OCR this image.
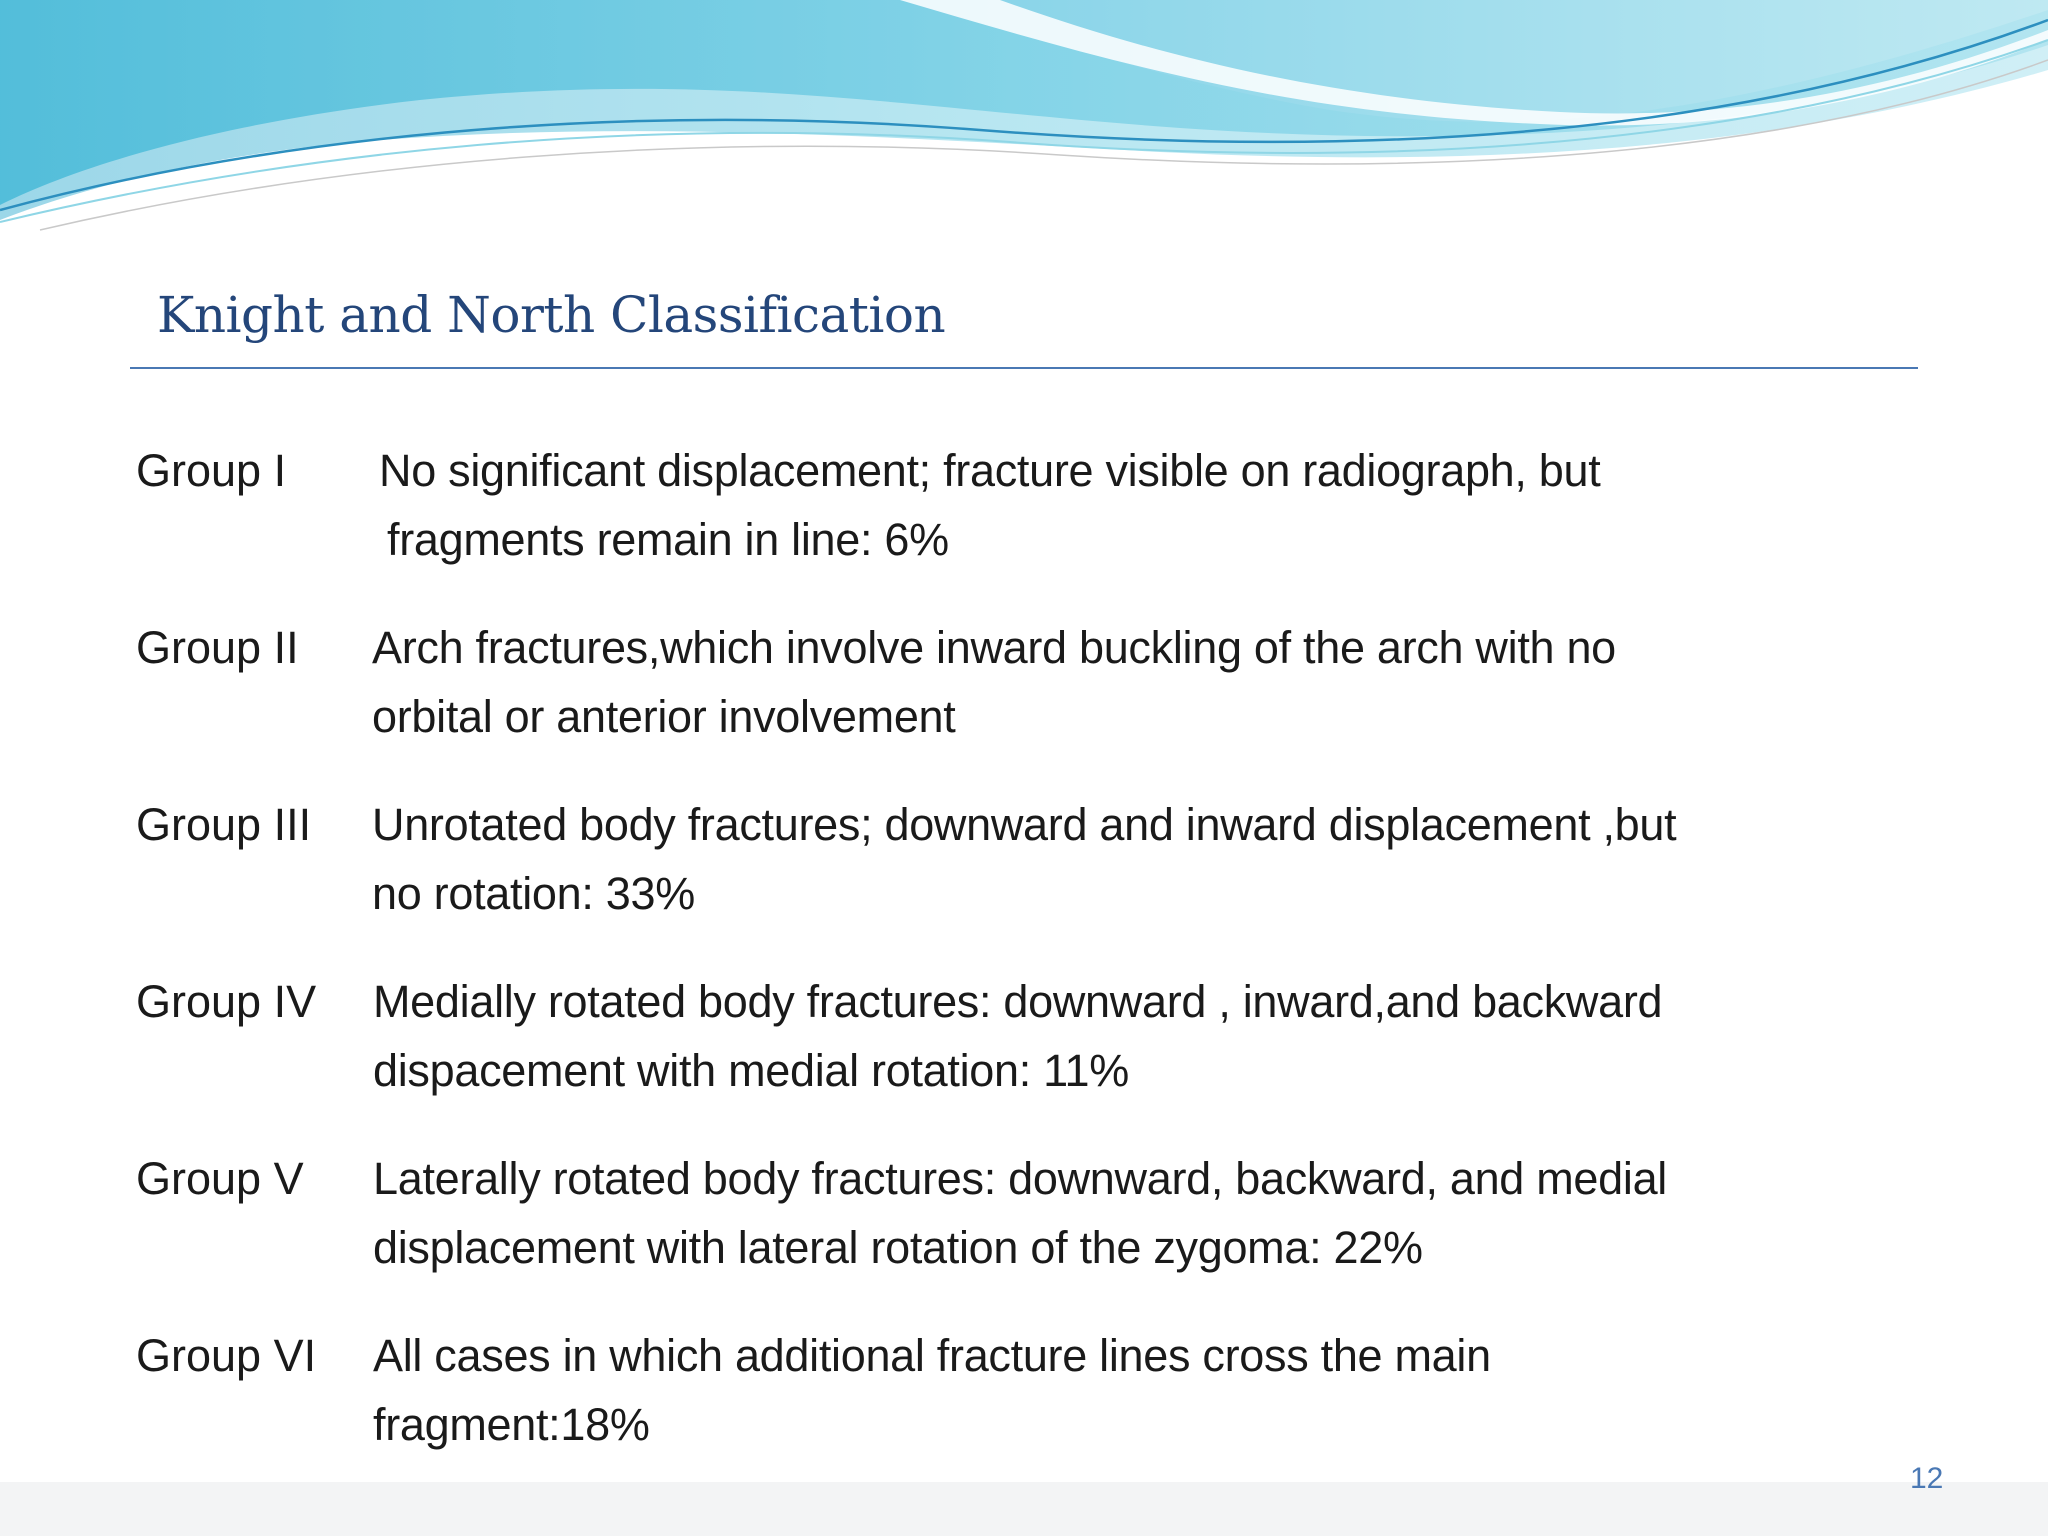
Knight and North Classification
Group I No significant displacement; fracture visible on radiograph, but
fragments remain in line: 6%
Group II Arch fractures,which involve inward buckling of the arch with no
orbital or anterior involvement
Group III Unrotated body fractures; downward and inward displacement ,but
no rotation: 33%
Group IV Medially rotated body fractures: downward , inward,and backward
dispacement with medial rotation: 11%
Group V Laterally rotated body fractures: downward, backward, and medial
displacement with lateral rotation of the zygoma: 22%
Group VI All cases in which additional fracture lines cross the main
fragment:18%
12
